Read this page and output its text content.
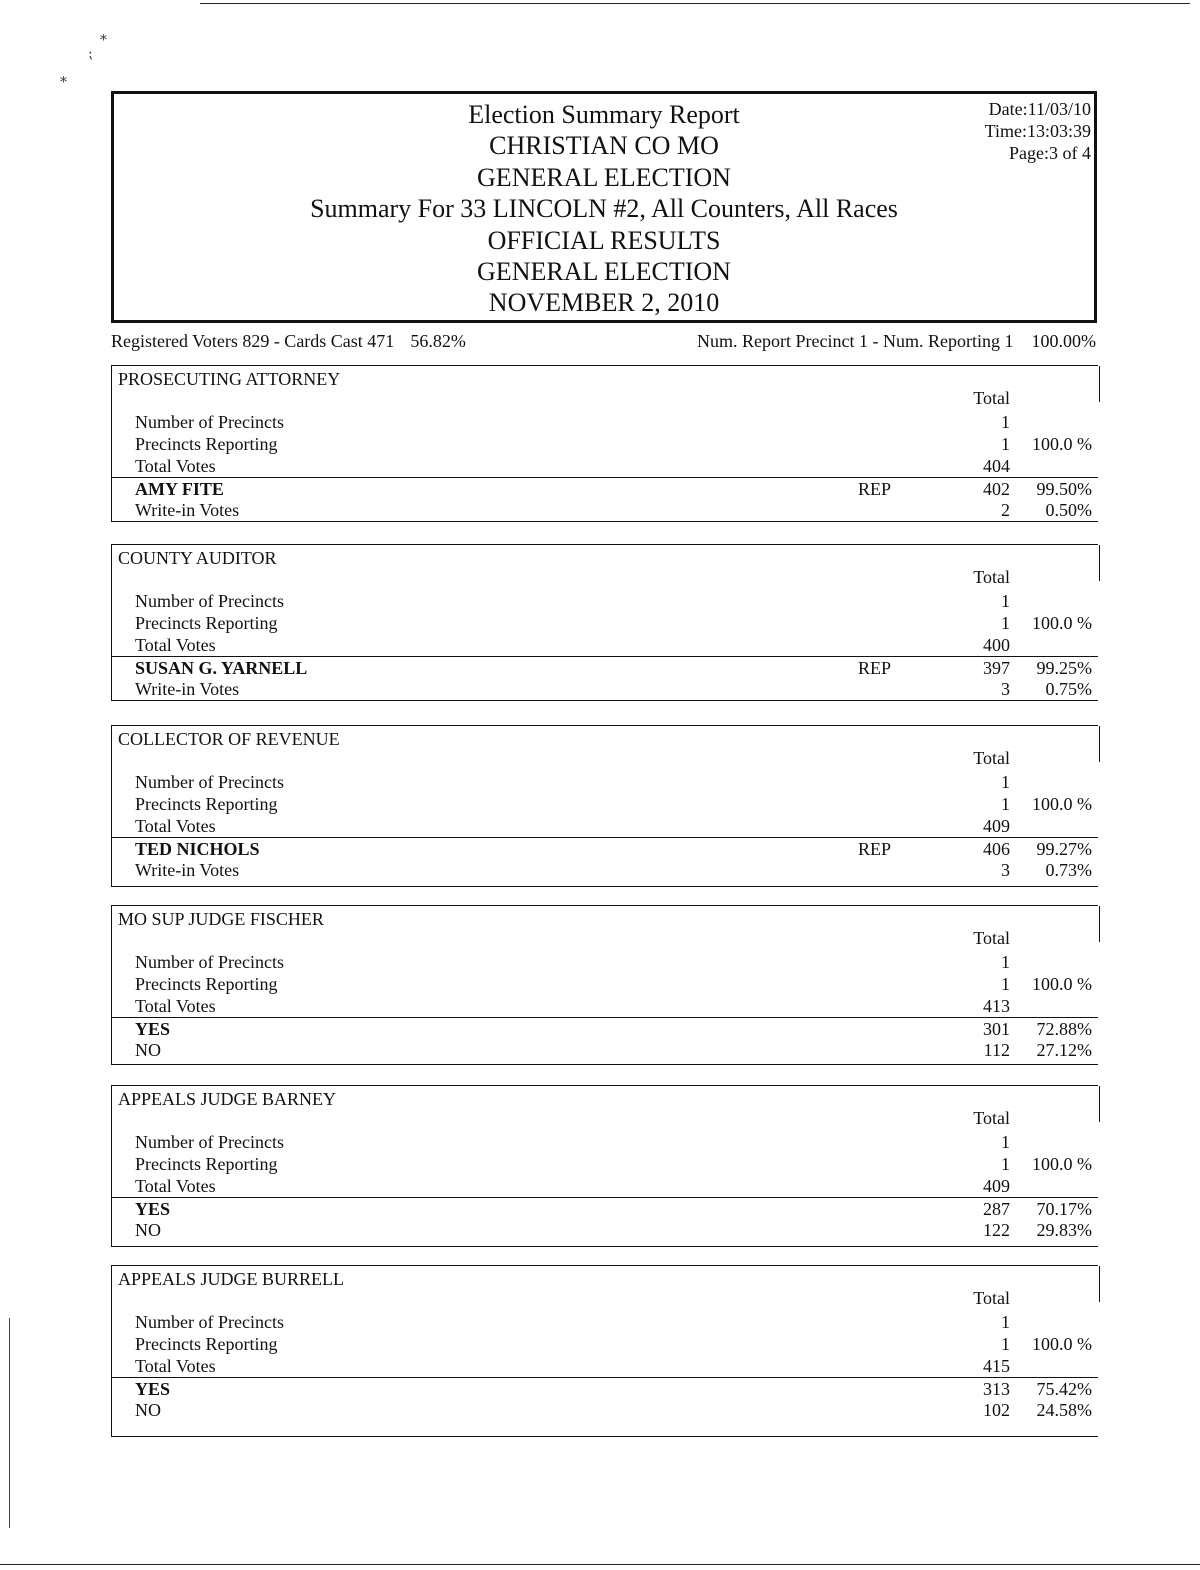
⁎
⁏
⁎
Election Summary Report
CHRISTIAN CO MO
GENERAL ELECTION
Summary For 33 LINCOLN #2, All Counters, All Races
OFFICIAL RESULTS
GENERAL ELECTION
NOVEMBER 2, 2010
Date:11/03/10
Time:13:03:39
Page:3 of 4
Registered Voters 829 - Cards Cast 471 56.82%	Num. Report Precinct 1 - Num. Reporting 1 100.00%
PROSECUTING ATTORNEY
Total
Number of Precincts	1
Precincts Reporting	1 100.0 %
Total Votes	404
AMY FITE	REP	402 99.50%
Write-in Votes	2 0.50%
COUNTY AUDITOR
Total
Number of Precincts	1
Precincts Reporting	1 100.0 %
Total Votes	400
SUSAN G. YARNELL	REP	397 99.25%
Write-in Votes	3 0.75%
COLLECTOR OF REVENUE
Total
Number of Precincts	1
Precincts Reporting	1 100.0 %
Total Votes	409
TED NICHOLS	REP	406 99.27%
Write-in Votes	3 0.73%
MO SUP JUDGE FISCHER
Total
Number of Precincts	1
Precincts Reporting	1 100.0 %
Total Votes	413
YES	301 72.88%
NO	112 27.12%
APPEALS JUDGE BARNEY
Total
Number of Precincts	1
Precincts Reporting	1 100.0 %
Total Votes	409
YES	287 70.17%
NO	122 29.83%
APPEALS JUDGE BURRELL
Total
Number of Precincts	1
Precincts Reporting	1 100.0 %
Total Votes	415
YES	313 75.42%
NO	102 24.58%
